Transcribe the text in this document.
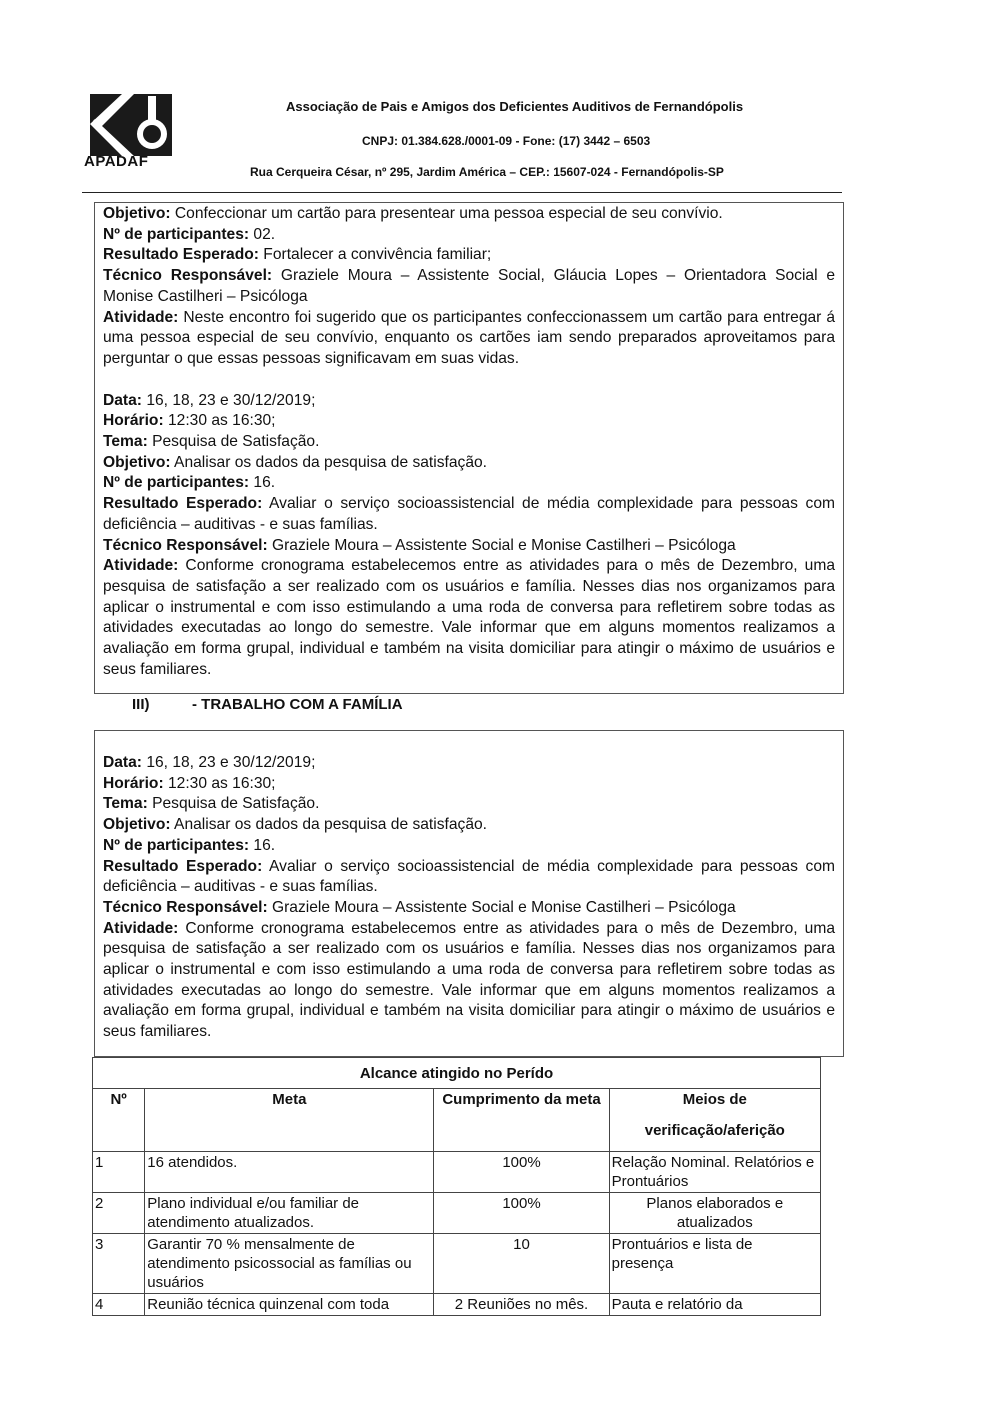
APADAF
Associação de Pais e Amigos dos Deficientes Auditivos de Fernandópolis
CNPJ: 01.384.628./0001-09 - Fone: (17) 3442 – 6503
Rua Cerqueira César, nº 295, Jardim América – CEP.: 15607-024 - Fernandópolis-SP

Objetivo: Confeccionar um cartão para presentear uma pessoa especial de seu convívio.

Nº de participantes: 02.

Resultado Esperado: Fortalecer a convivência familiar;

Técnico Responsável: Graziele Moura – Assistente Social, Gláucia Lopes – Orientadora Social e Monise Castilheri – Psicóloga

Atividade: Neste encontro foi sugerido que os participantes confeccionassem um cartão para entregar á uma pessoa especial de seu convívio, enquanto os cartões iam sendo preparados aproveitamos para perguntar o que essas pessoas significavam em suas vidas.

Data: 16, 18, 23 e 30/12/2019;

Horário: 12:30 as 16:30;

Tema: Pesquisa de Satisfação.

Objetivo: Analisar os dados da pesquisa de satisfação.

Nº de participantes: 16.

Resultado Esperado: Avaliar o serviço socioassistencial de média complexidade para pessoas com deficiência – auditivas - e suas famílias.

Técnico Responsável: Graziele Moura – Assistente Social e Monise Castilheri – Psicóloga

Atividade: Conforme cronograma estabelecemos entre as atividades para o mês de Dezembro, uma pesquisa de satisfação a ser realizado com os usuários e família. Nesses dias nos organizamos para aplicar o instrumental e com isso estimulando a uma roda de conversa para refletirem sobre todas as atividades executadas ao longo do semestre. Vale informar que em alguns momentos realizamos a avaliação em forma grupal, individual e também na visita domiciliar para atingir o máximo de usuários e seus familiares.

III)	- TRABALHO COM A FAMÍLIA

Data: 16, 18, 23 e 30/12/2019;

Horário: 12:30 as 16:30;

Tema: Pesquisa de Satisfação.

Objetivo: Analisar os dados da pesquisa de satisfação.

Nº de participantes: 16.

Resultado Esperado: Avaliar o serviço socioassistencial de média complexidade para pessoas com deficiência – auditivas - e suas famílias.

Técnico Responsável: Graziele Moura – Assistente Social e Monise Castilheri – Psicóloga

Atividade: Conforme cronograma estabelecemos entre as atividades para o mês de Dezembro, uma pesquisa de satisfação a ser realizado com os usuários e família. Nesses dias nos organizamos para aplicar o instrumental e com isso estimulando a uma roda de conversa para refletirem sobre todas as atividades executadas ao longo do semestre. Vale informar que em alguns momentos realizamos a avaliação em forma grupal, individual e também na visita domiciliar para atingir o máximo de usuários e seus familiares.

Alcance atingido no Perído			
Nº	Meta	Cumprimento da meta	Meios de
verificação/aferição

1	16 atendidos.	100%	Relação Nominal. Relatórios e Prontuários
2	Plano individual e/ou familiar de atendimento atualizados.	100%	Planos elaborados e atualizados
3	Garantir 70 % mensalmente de atendimento psicossocial as famílias ou usuários	10	Prontuários e lista de presença
4	Reunião técnica quinzenal com toda	2 Reuniões no mês.	Pauta e relatório da
